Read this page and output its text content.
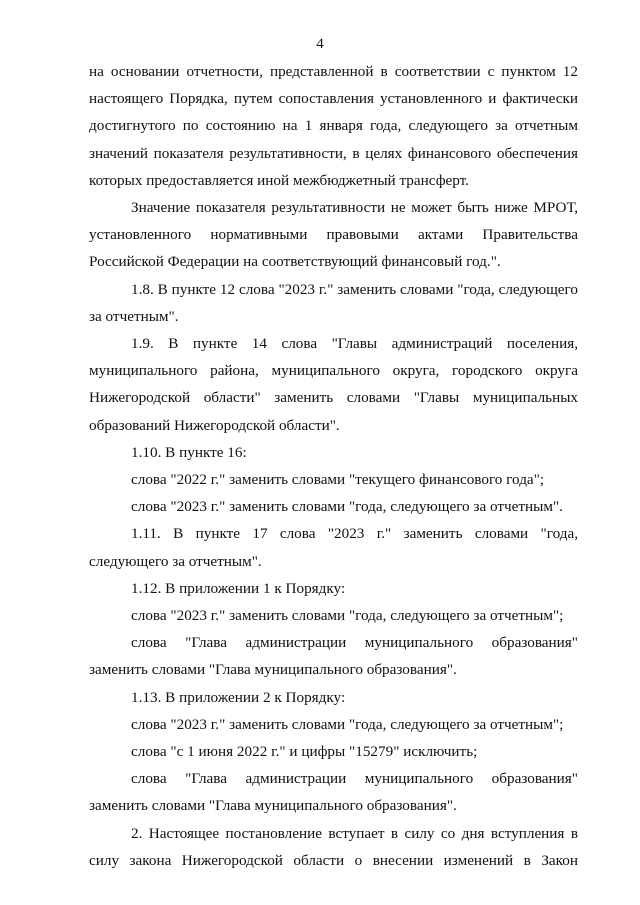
4

на основании отчетности, представленной в соответствии с пунктом 12 настоящего Порядка, путем сопоставления установленного и фактически достигнутого по состоянию на 1 января года, следующего за отчетным значений показателя результативности, в целях финансового обеспечения которых предоставляется иной межбюджетный трансферт.

Значение показателя результативности не может быть ниже МРОТ, установленного нормативными правовыми актами Правительства Российской Федерации на соответствующий финансовый год.".

1.8. В пункте 12 слова "2023 г." заменить словами "года, следующего за отчетным".

1.9. В пункте 14 слова "Главы администраций поселения, муниципального района, муниципального округа, городского округа Нижегородской области" заменить словами "Главы муниципальных образований Нижегородской области".

1.10. В пункте 16:

слова "2022 г." заменить словами "текущего финансового года";

слова "2023 г." заменить словами "года, следующего за отчетным".

1.11. В пункте 17 слова "2023 г." заменить словами "года, следующего за отчетным".

1.12. В приложении 1 к Порядку:

слова "2023 г." заменить словами "года, следующего за отчетным";

слова "Глава администрации муниципального образования" заменить словами "Глава муниципального образования".

1.13. В приложении 2 к Порядку:

слова "2023 г." заменить словами "года, следующего за отчетным";

слова "с 1 июня 2022 г." и цифры "15279" исключить;

слова "Глава администрации муниципального образования" заменить словами "Глава муниципального образования".

2. Настоящее постановление вступает в силу со дня вступления в силу закона Нижегородской области о внесении изменений в Закон
